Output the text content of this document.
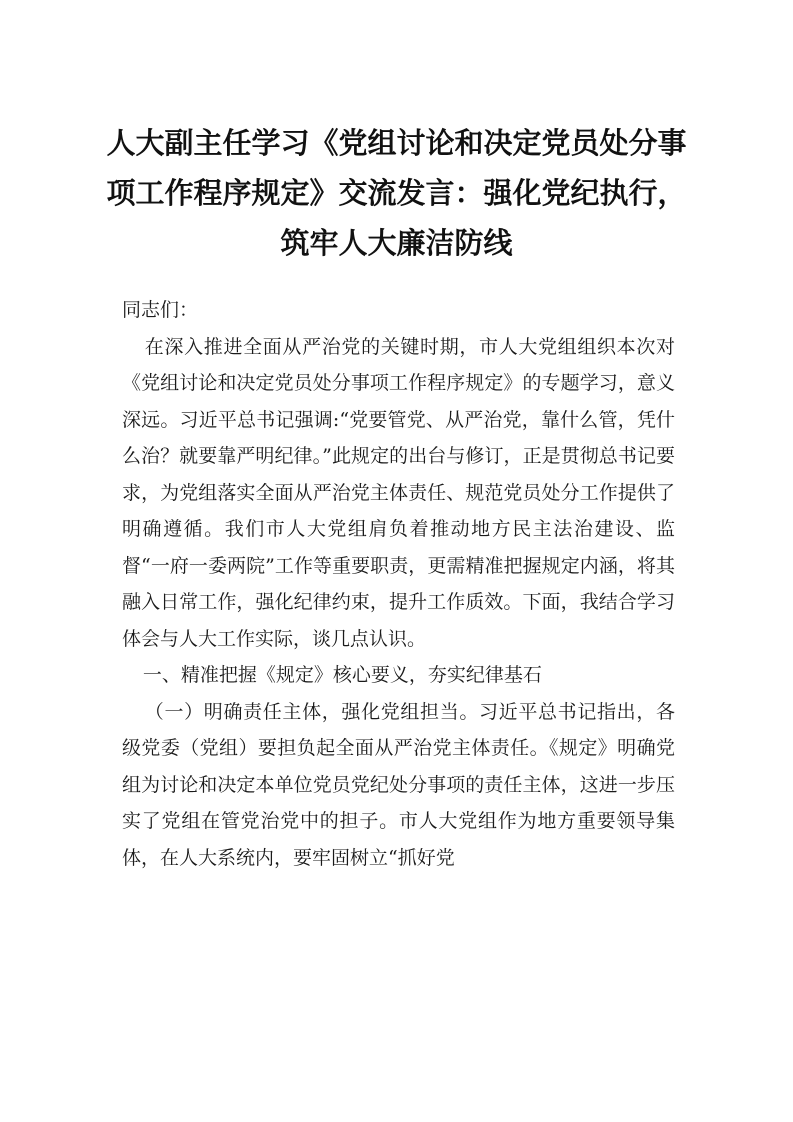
人大副主任学习《党组讨论和决定党员处分事项工作程序规定》交流发言：强化党纪执行，筑牢人大廉洁防线

同志们：

在深入推进全面从严治党的关键时期，市人大党组组织本次对《党组讨论和决定党员处分事项工作程序规定》的专题学习，意义深远。习近平总书记强调:“党要管党、从严治党，靠什么管，凭什么治？就要靠严明纪律。”此规定的出台与修订，正是贯彻总书记要求，为党组落实全面从严治党主体责任、规范党员处分工作提供了明确遵循。我们市人大党组肩负着推动地方民主法治建设、监督“一府一委两院”工作等重要职责，更需精准把握规定内涵，将其融入日常工作，强化纪律约束，提升工作质效。下面，我结合学习体会与人大工作实际，谈几点认识。

一、精准把握《规定》核心要义，夯实纪律基石

（一）明确责任主体，强化党组担当。习近平总书记指出，各级党委（党组）要担负起全面从严治党主体责任。《规定》明确党组为讨论和决定本单位党员党纪处分事项的责任主体，这进一步压实了党组在管党治党中的担子。市人大党组作为地方重要领导集体，在人大系统内，要牢固树立“抓好党
